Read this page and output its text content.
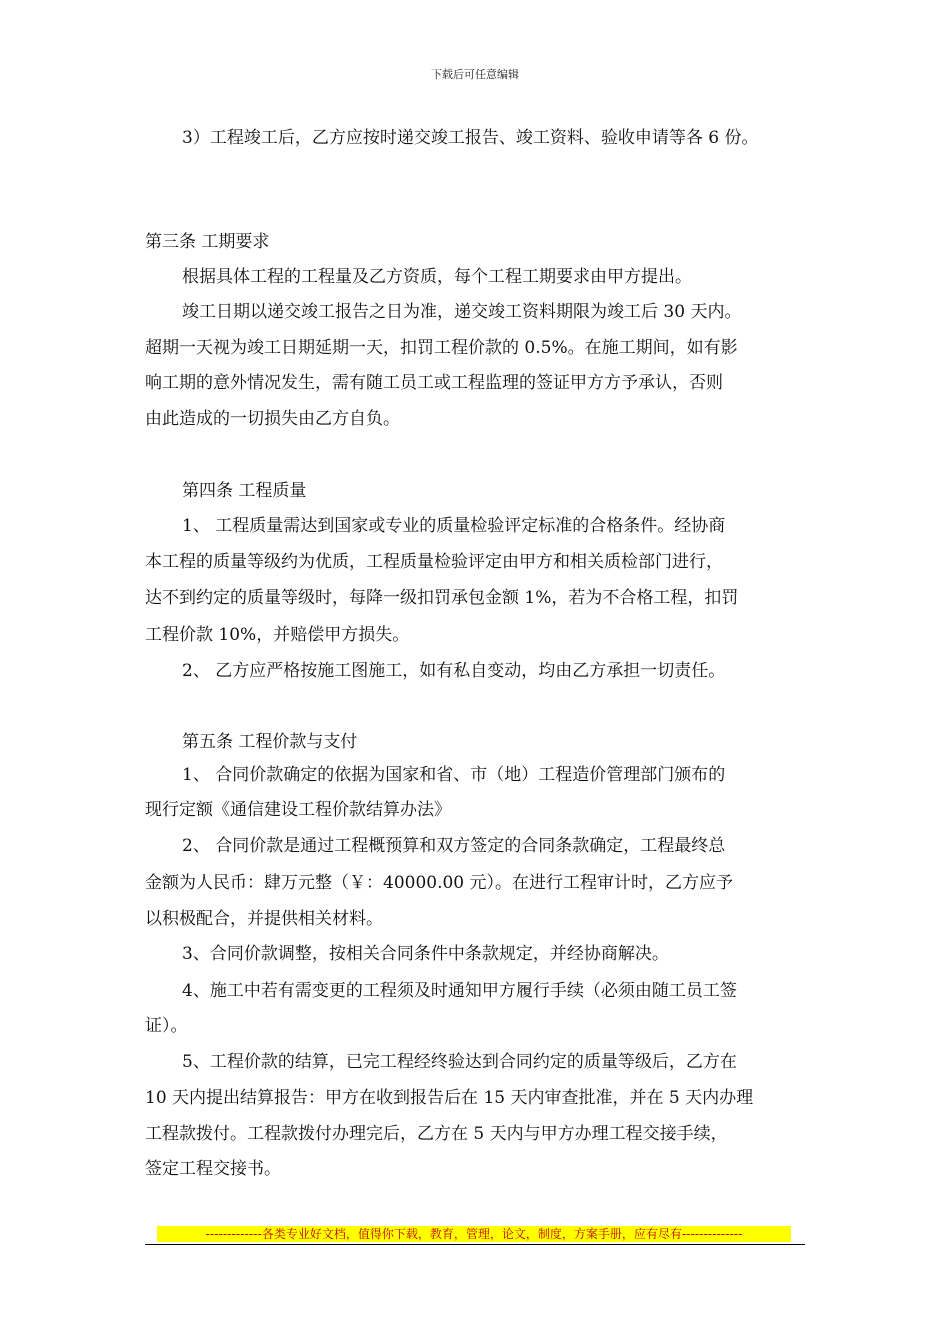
下载后可任意编辑
3）工程竣工后，乙方应按时递交竣工报告、竣工资料、验收申请等各 6 份。
第三条 工期要求
根据具体工程的工程量及乙方资质，每个工程工期要求由甲方提出。
竣工日期以递交竣工报告之日为准，递交竣工资料期限为竣工后 30 天内。
超期一天视为竣工日期延期一天，扣罚工程价款的 0.5%。在施工期间，如有影
响工期的意外情况发生，需有随工员工或工程监理的签证甲方方予承认，否则
由此造成的一切损失由乙方自负。
第四条 工程质量
1、 工程质量需达到国家或专业的质量检验评定标准的合格条件。经协商
本工程的质量等级约为优质，工程质量检验评定由甲方和相关质检部门进行，
达不到约定的质量等级时，每降一级扣罚承包金额 1%，若为不合格工程，扣罚
工程价款 10%，并赔偿甲方损失。
2、 乙方应严格按施工图施工，如有私自变动，均由乙方承担一切责任。
第五条 工程价款与支付
1、 合同价款确定的依据为国家和省、市（地）工程造价管理部门颁布的
现行定额《通信建设工程价款结算办法》
2、 合同价款是通过工程概预算和双方签定的合同条款确定，工程最终总
金额为人民币：肆万元整（￥：40000.00 元）。在进行工程审计时，乙方应予
以积极配合，并提供相关材料。
3、合同价款调整，按相关合同条件中条款规定，并经协商解决。
4、施工中若有需变更的工程须及时通知甲方履行手续（必须由随工员工签
证）。
5、工程价款的结算，已完工程经终验达到合同约定的质量等级后，乙方在
10 天内提出结算报告：甲方在收到报告后在 15 天内审查批准，并在 5 天内办理
工程款拨付。工程款拨付办理完后，乙方在 5 天内与甲方办理工程交接手续，
签定工程交接书。
-------------各类专业好文档，值得你下载，教育，管理，论文，制度，方案手册，应有尽有--------------
